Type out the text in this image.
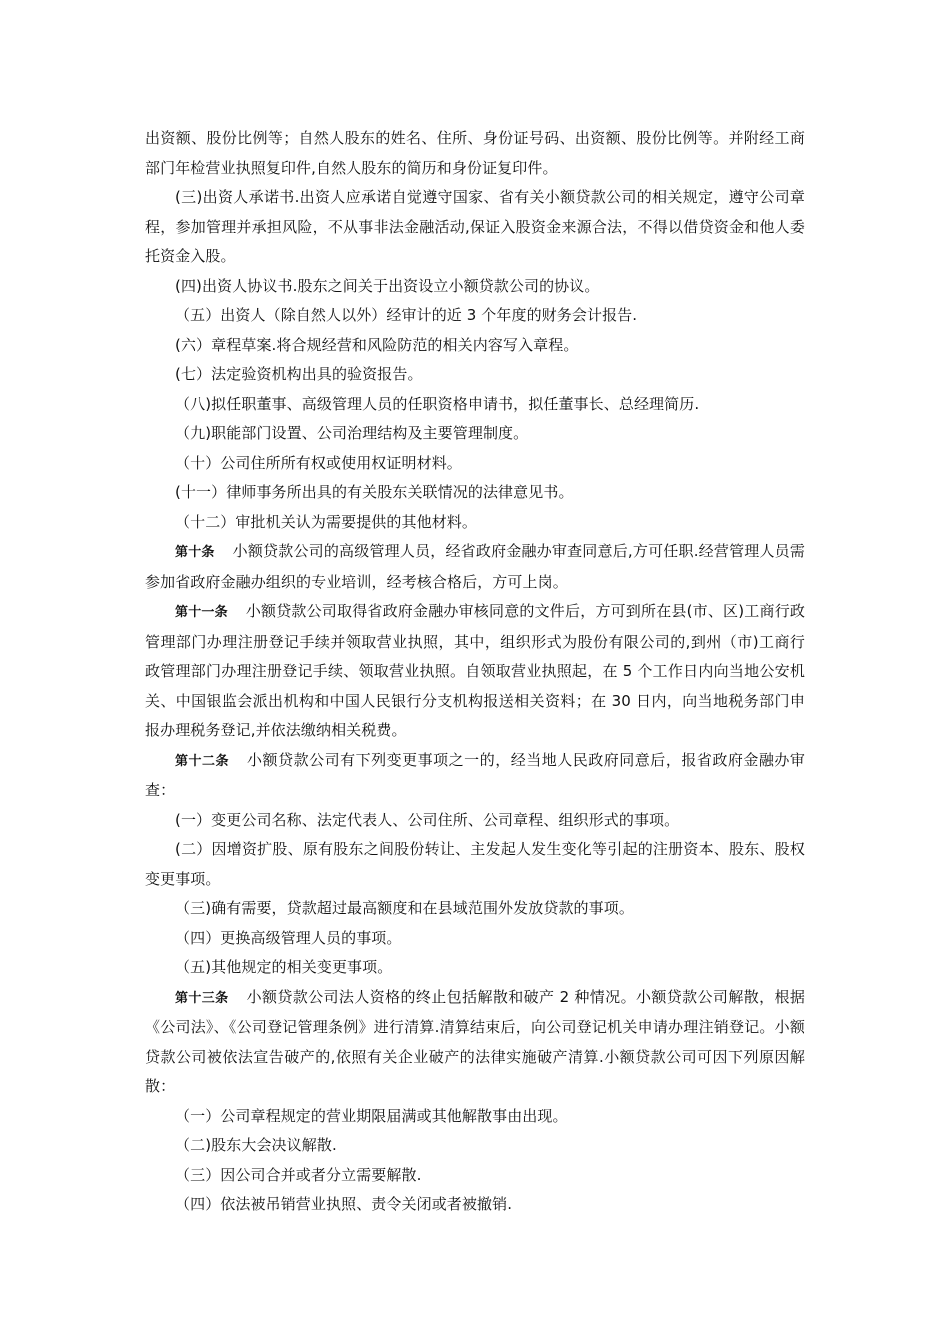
出资额、股份比例等；自然人股东的姓名、住所、身份证号码、出资额、股份比例等。并附经工商部门年检营业执照复印件,自然人股东的简历和身份证复印件。

(三)出资人承诺书.出资人应承诺自觉遵守国家、省有关小额贷款公司的相关规定，遵守公司章程，参加管理并承担风险，不从事非法金融活动,保证入股资金来源合法，不得以借贷资金和他人委托资金入股。

(四)出资人协议书.股东之间关于出资设立小额贷款公司的协议。

（五）出资人（除自然人以外）经审计的近 3 个年度的财务会计报告.

(六）章程草案.将合规经营和风险防范的相关内容写入章程。

(七）法定验资机构出具的验资报告。

（八)拟任职董事、高级管理人员的任职资格申请书，拟任董事长、总经理简历.

（九)职能部门设置、公司治理结构及主要管理制度。

（十）公司住所所有权或使用权证明材料。

(十一）律师事务所出具的有关股东关联情况的法律意见书。

（十二）审批机关认为需要提供的其他材料。

第十条 小额贷款公司的高级管理人员，经省政府金融办审查同意后,方可任职.经营管理人员需参加省政府金融办组织的专业培训，经考核合格后，方可上岗。

第十一条 小额贷款公司取得省政府金融办审核同意的文件后，方可到所在县(市、区)工商行政管理部门办理注册登记手续并领取营业执照，其中，组织形式为股份有限公司的,到州（市)工商行政管理部门办理注册登记手续、领取营业执照。自领取营业执照起，在 5 个工作日内向当地公安机关、中国银监会派出机构和中国人民银行分支机构报送相关资料；在 30 日内，向当地税务部门申报办理税务登记,并依法缴纳相关税费。

第十二条 小额贷款公司有下列变更事项之一的，经当地人民政府同意后，报省政府金融办审查：

(一）变更公司名称、法定代表人、公司住所、公司章程、组织形式的事项。

(二）因增资扩股、原有股东之间股份转让、主发起人发生变化等引起的注册资本、股东、股权变更事项。

（三)确有需要，贷款超过最高额度和在县域范围外发放贷款的事项。

（四）更换高级管理人员的事项。

（五)其他规定的相关变更事项。

第十三条 小额贷款公司法人资格的终止包括解散和破产 2 种情况。小额贷款公司解散，根据《公司法》、《公司登记管理条例》进行清算.清算结束后，向公司登记机关申请办理注销登记。小额贷款公司被依法宣告破产的,依照有关企业破产的法律实施破产清算.小额贷款公司可因下列原因解散：

（一）公司章程规定的营业期限届满或其他解散事由出现。

（二)股东大会决议解散.

（三）因公司合并或者分立需要解散.

（四）依法被吊销营业执照、责令关闭或者被撤销.
